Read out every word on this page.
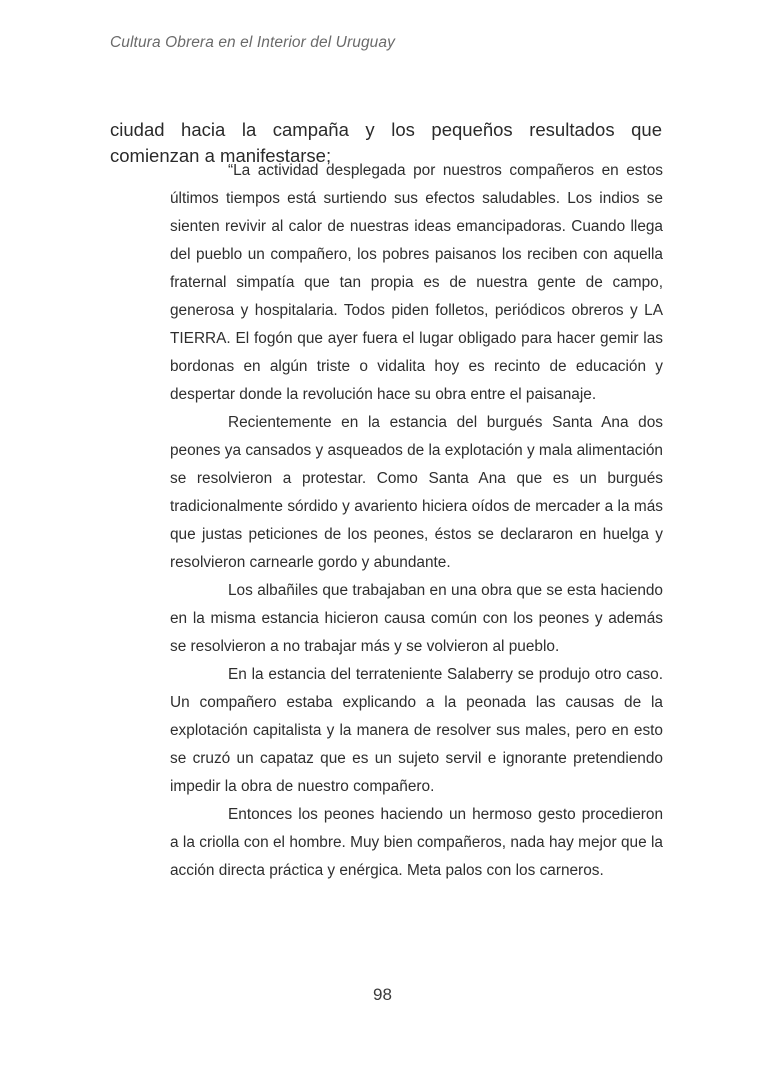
Cultura Obrera en el Interior del Uruguay

ciudad hacia la campaña y los pequeños resultados que comienzan a manifestarse;

“La actividad desplegada por nuestros compañeros en estos últimos tiempos está surtiendo sus efectos saludables. Los indios se sienten revivir al calor de nuestras ideas emancipadoras. Cuando llega del pueblo un compañero, los pobres paisanos los reciben con aquella fraternal simpatía que tan propia es de nuestra gente de campo, generosa y hospitalaria. Todos piden folletos, periódicos obreros y LA TIERRA. El fogón que ayer fuera el lugar obligado para hacer gemir las bordonas en algún triste o vidalita hoy es recinto de educación y despertar donde la revolución hace su obra entre el paisanaje.

Recientemente en la estancia del burgués Santa Ana dos peones ya cansados y asqueados de la explotación y mala alimentación se resolvieron a protestar. Como Santa Ana que es un burgués tradicionalmente sórdido y avariento hiciera oídos de mercader a la más que justas peticiones de los peones, éstos se declararon en huelga y resolvieron carnearle gordo y abundante.

Los albañiles que trabajaban en una obra que se esta haciendo en la misma estancia hicieron causa común con los peones y además se resolvieron a no trabajar más y se volvieron al pueblo.

En la estancia del terrateniente Salaberry se produjo otro caso. Un compañero estaba explicando a la peonada las causas de la explotación capitalista y la manera de resolver sus males, pero en esto se cruzó un capataz que es un sujeto servil e ignorante pretendiendo impedir la obra de nuestro compañero.

Entonces los peones haciendo un hermoso gesto procedieron a la criolla con el hombre. Muy bien compañeros, nada hay mejor que la acción directa práctica y enérgica. Meta palos con los carneros.

98
